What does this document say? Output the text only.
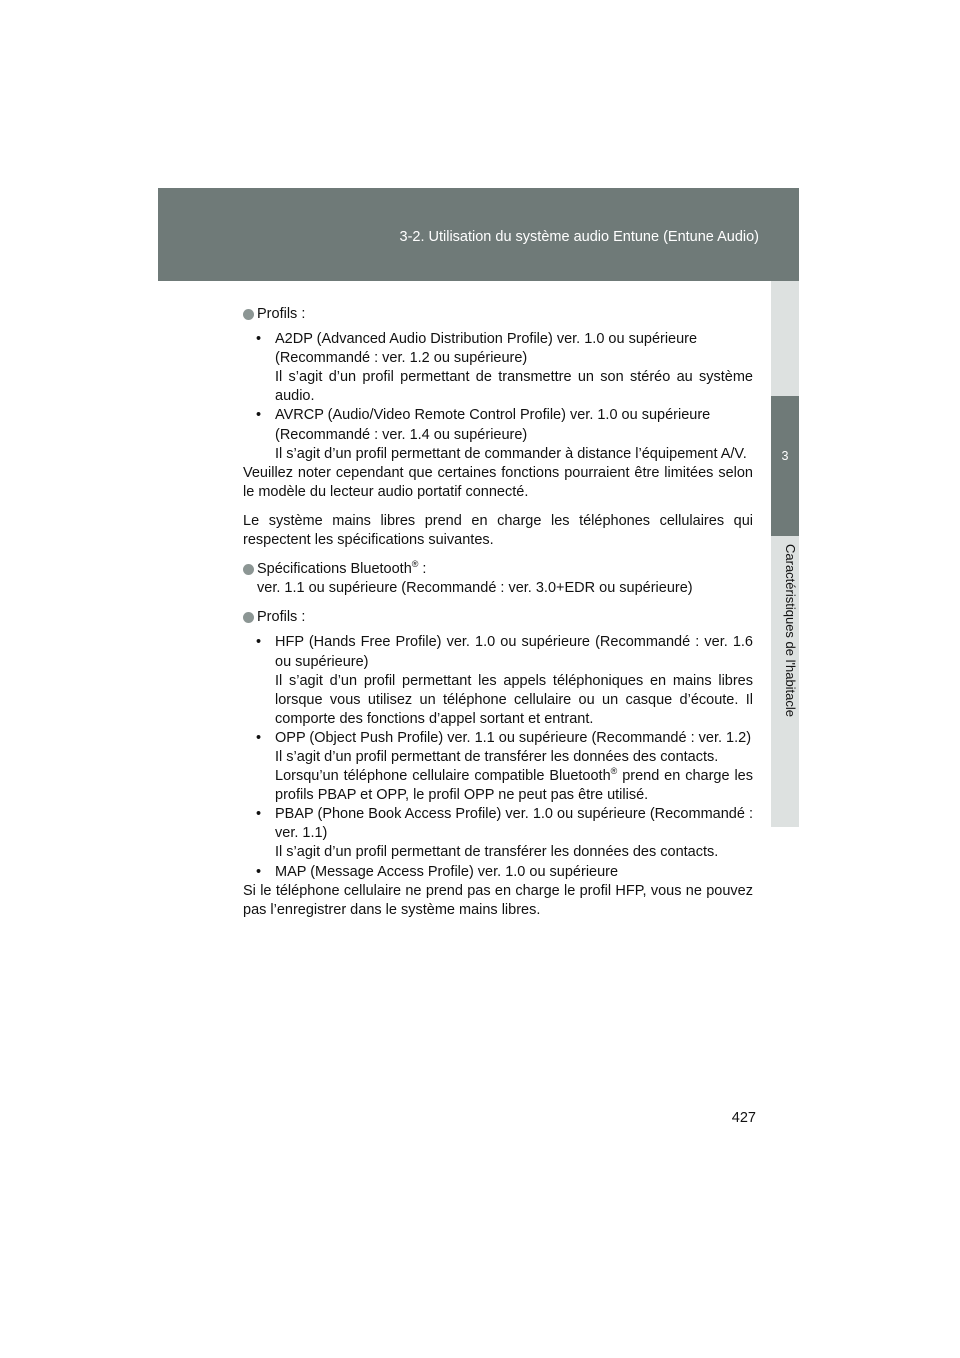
3-2. Utilisation du système audio Entune (Entune Audio)
3
Caractéristiques de l'habitacle
Profils :
• A2DP (Advanced Audio Distribution Profile) ver. 1.0 ou supérieure

(Recommandé : ver. 1.2 ou supérieure)

Il s’agit d’un profil permettant de transmettre un son stéréo au système audio.

• AVRCP (Audio/Video Remote Control Profile) ver. 1.0 ou supérieure

(Recommandé : ver. 1.4 ou supérieure)

Il s’agit d’un profil permettant de commander à distance l’équipement A/V.

Veuillez noter cependant que certaines fonctions pourraient être limitées selon le modèle du lecteur audio portatif connecté.

Le système mains libres prend en charge les téléphones cellulaires qui respectent les spécifications suivantes.

Spécifications Bluetooth® :

ver. 1.1 ou supérieure (Recommandé : ver. 3.0+EDR ou supérieure)

Profils :
• HFP (Hands Free Profile) ver. 1.0 ou supérieure (Recommandé : ver. 1.6 ou supérieure)

Il s’agit d’un profil permettant les appels téléphoniques en mains libres lorsque vous utilisez un téléphone cellulaire ou un casque d’écoute. Il comporte des fonctions d’appel sortant et entrant.

• OPP (Object Push Profile) ver. 1.1 ou supérieure (Recommandé : ver. 1.2)

Il s’agit d’un profil permettant de transférer les données des contacts.

Lorsqu’un téléphone cellulaire compatible Bluetooth® prend en charge les profils PBAP et OPP, le profil OPP ne peut pas être utilisé.

• PBAP (Phone Book Access Profile) ver. 1.0 ou supérieure (Recommandé : ver. 1.1)

Il s’agit d’un profil permettant de transférer les données des contacts.

• MAP (Message Access Profile) ver. 1.0 ou supérieure

Si le téléphone cellulaire ne prend pas en charge le profil HFP, vous ne pouvez pas l’enregistrer dans le système mains libres.

427
